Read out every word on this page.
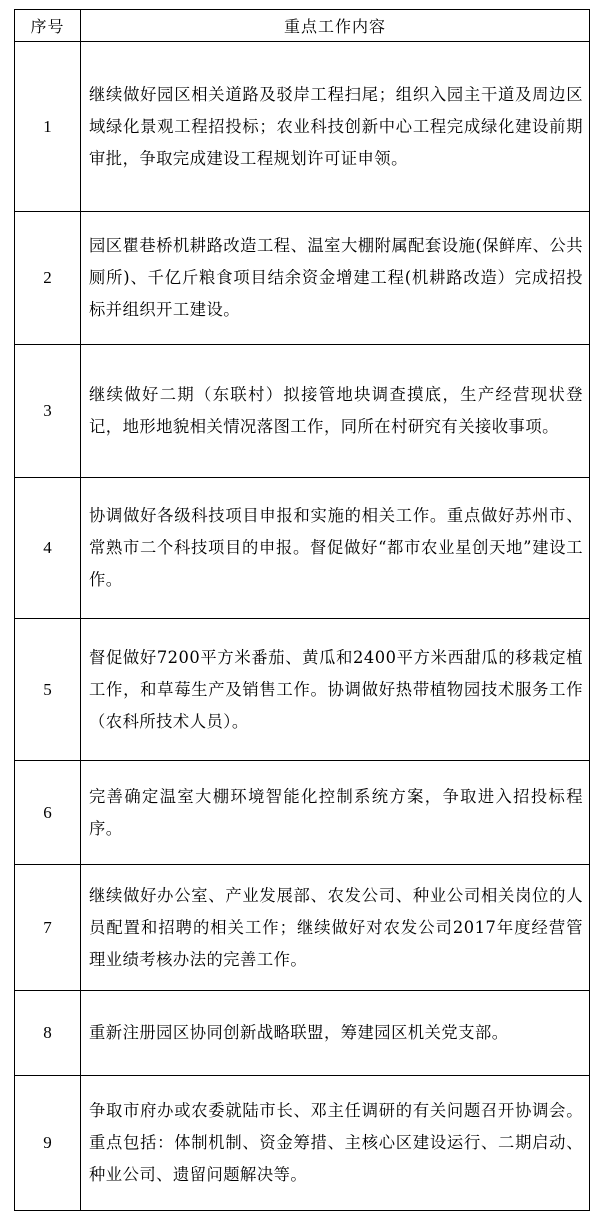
序号	重点工作内容
1	继续做好园区相关道路及驳岸工程扫尾；组织入园主干道及周边区域绿化景观工程招投标；农业科技创新中心工程完成绿化建设前期审批，争取完成建设工程规划许可证申领。

2	园区瞿巷桥机耕路改造工程、温室大棚附属配套设施(保鲜库、公共厕所)、千亿斤粮食项目结余资金增建工程(机耕路改造）完成招投标并组织开工建设。

3	继续做好二期（东联村）拟接管地块调查摸底，生产经营现状登记，地形地貌相关情况落图工作，同所在村研究有关接收事项。

4	协调做好各级科技项目申报和实施的相关工作。重点做好苏州市、常熟市二个科技项目的申报。督促做好“都市农业星创天地”建设工作。

5	督促做好7200平方米番茄、黄瓜和2400平方米西甜瓜的移栽定植工作，和草莓生产及销售工作。协调做好热带植物园技术服务工作（农科所技术人员）。

6	完善确定温室大棚环境智能化控制系统方案，争取进入招投标程序。

7	继续做好办公室、产业发展部、农发公司、种业公司相关岗位的人员配置和招聘的相关工作；继续做好对农发公司2017年度经营管理业绩考核办法的完善工作。

8	重新注册园区协同创新战略联盟，筹建园区机关党支部。

9	争取市府办或农委就陆市长、邓主任调研的有关问题召开协调会。重点包括：体制机制、资金筹措、主核心区建设运行、二期启动、种业公司、遗留问题解决等。
